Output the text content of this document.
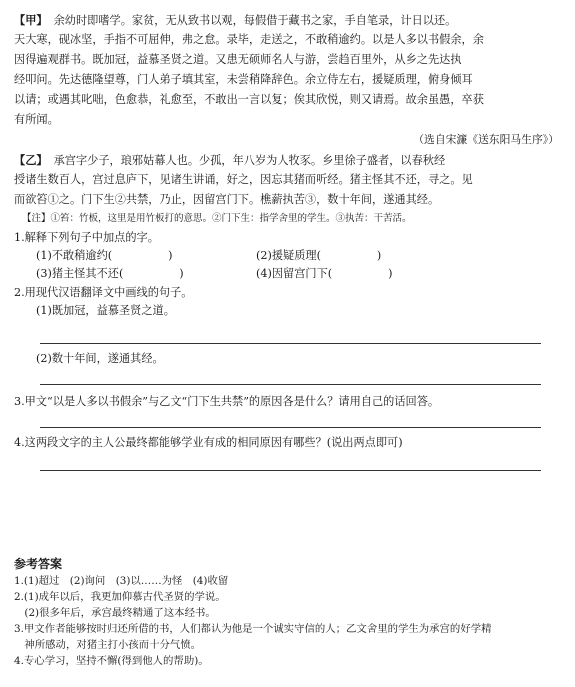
【甲】 余幼时即嗜学。家贫，无从致书以观，每假借于藏书之家，手自笔录，计日以还。
天大寒，砚冰坚，手指不可屈伸，弗之怠。录毕，走送之，不敢稍逾约。以是人多以书假余，余
因得遍观群书。既加冠，益慕圣贤之道。又患无硕师名人与游，尝趋百里外，从乡之先达执
经叩问。先达德隆望尊，门人弟子填其室，未尝稍降辞色。余立侍左右，援疑质理，俯身倾耳
以请；或遇其叱咄，色愈恭，礼愈至，不敢出一言以复；俟其欣悦，则又请焉。故余虽愚，卒获
有所闻。
（选自宋濂《送东阳马生序》）
【乙】 承宫字少子，琅邪姑幕人也。少孤，年八岁为人牧豕。乡里徐子盛者，以春秋经
授诸生数百人，宫过息庐下，见诸生讲诵，好之，因忘其猪而听经。猪主怪其不还，寻之。见
而欲笞①之。门下生②共禁，乃止，因留宫门下。樵薪执苦③，数十年间，遂通其经。
【注】①笞：竹板，这里是用竹板打的意思。②门下生：指学舍里的学生。③执苦：干苦活。
1.解释下列句子中加点的字。
(1)不敢稍逾约(　　　　　)	(2)援疑质理(　　　　　)
(3)猪主怪其不还(　　　　　)	(4)因留宫门下(　　　　　)
2.用现代汉语翻译文中画线的句子。
(1)既加冠，益慕圣贤之道。
(2)数十年间，遂通其经。
3.甲文“以是人多以书假余”与乙文“门下生共禁”的原因各是什么？请用自己的话回答。
4.这两段文字的主人公最终都能够学业有成的相同原因有哪些？(说出两点即可)
参考答案
1.(1)超过　(2)询问　(3)以……为怪　(4)收留
2.(1)成年以后，我更加仰慕古代圣贤的学说。
　(2)很多年后，承宫最终精通了这本经书。
3.甲文作者能够按时归还所借的书，人们都认为他是一个诚实守信的人；乙文舍里的学生为承宫的好学精
　神所感动，对猪主打小孩而十分气愤。
4.专心学习，坚持不懈(得到他人的帮助)。
